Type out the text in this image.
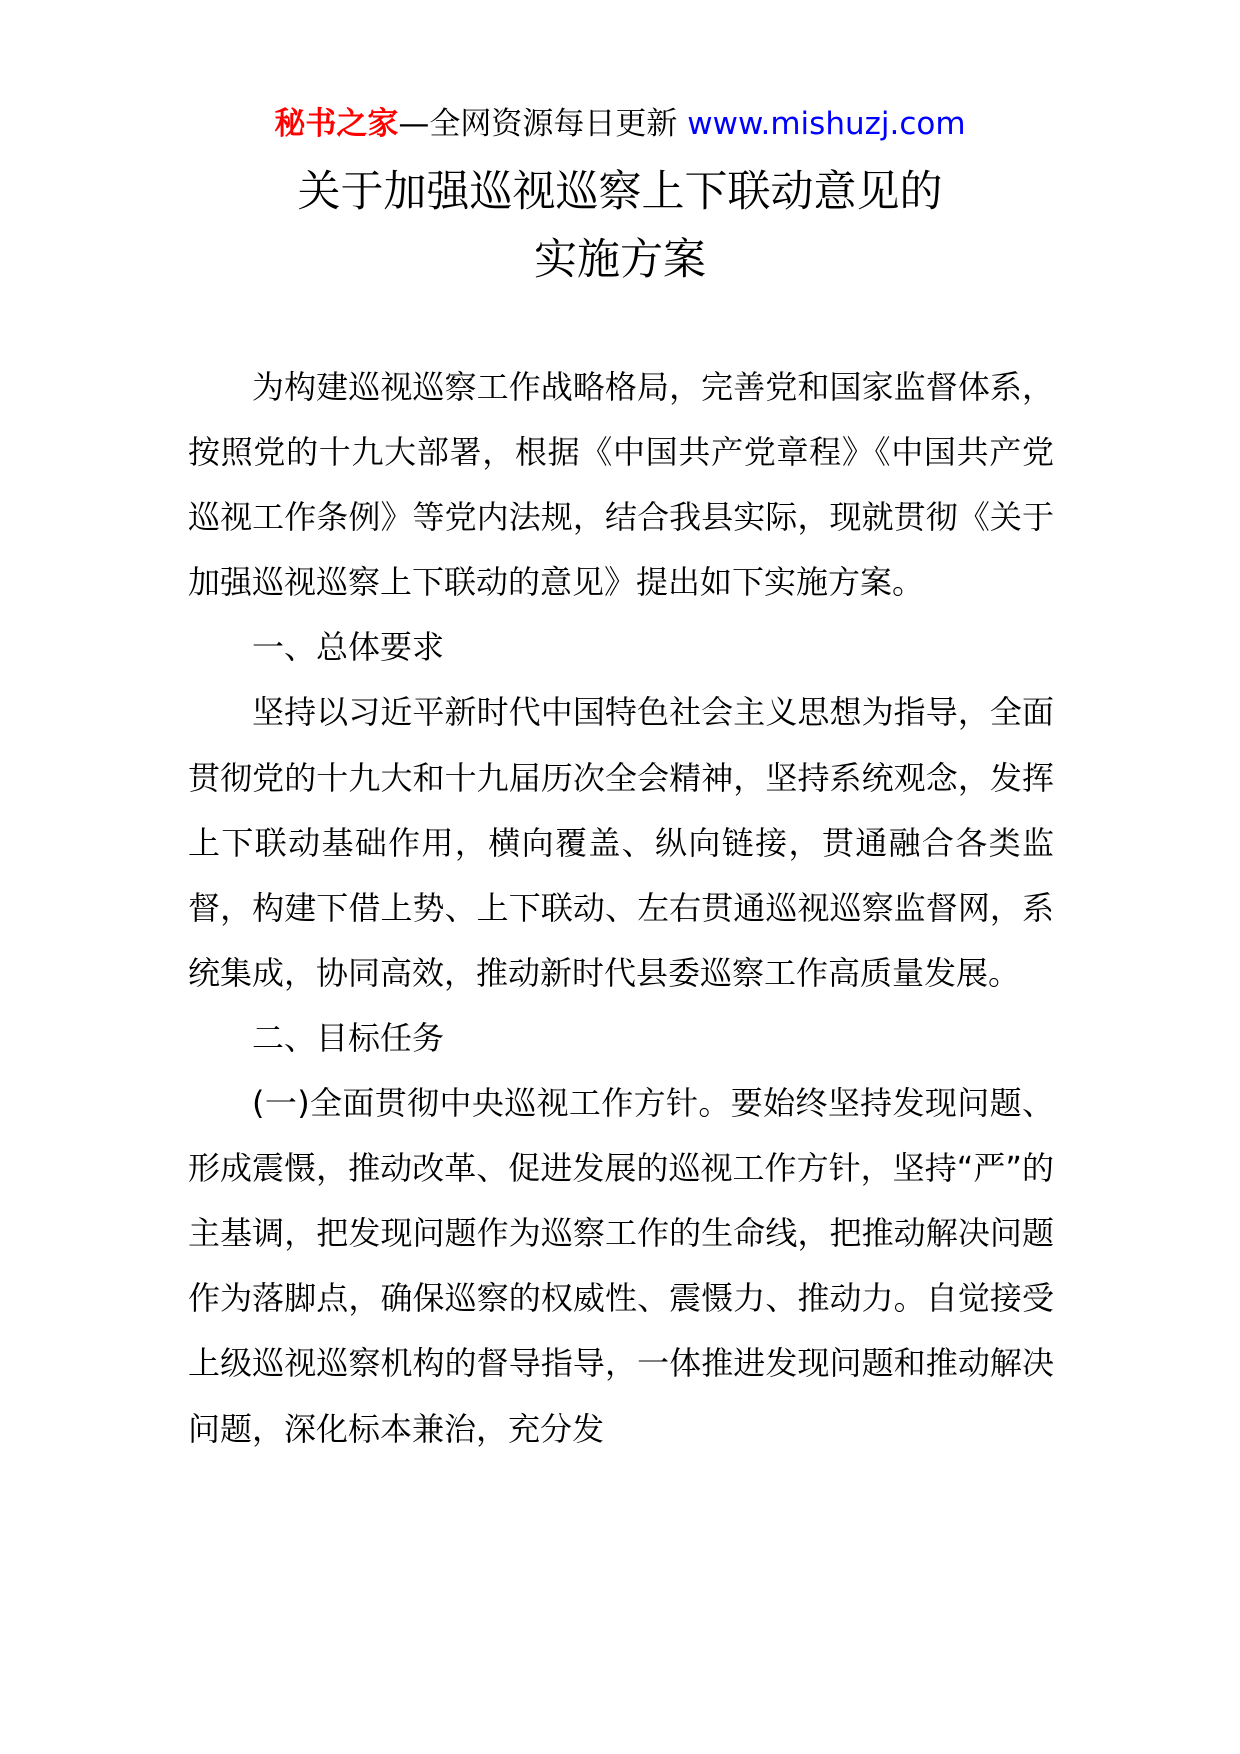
秘书之家—全网资源每日更新 www.mishuzj.com
关于加强巡视巡察上下联动意见的
实施方案

为构建巡视巡察工作战略格局，完善党和国家监督体系，按照党的十九大部署，根据《中国共产党章程》《中国共产党巡视工作条例》等党内法规，结合我县实际，现就贯彻《关于加强巡视巡察上下联动的意见》提出如下实施方案。

一、总体要求

坚持以习近平新时代中国特色社会主义思想为指导，全面贯彻党的十九大和十九届历次全会精神，坚持系统观念，发挥上下联动基础作用，横向覆盖、纵向链接，贯通融合各类监督，构建下借上势、上下联动、左右贯通巡视巡察监督网，系统集成，协同高效，推动新时代县委巡察工作高质量发展。

二、目标任务

(一)全面贯彻中央巡视工作方针。要始终坚持发现问题、形成震慑，推动改革、促进发展的巡视工作方针，坚持“严”的主基调，把发现问题作为巡察工作的生命线，把推动解决问题作为落脚点，确保巡察的权威性、震慑力、推动力。自觉接受上级巡视巡察机构的督导指导，一体推进发现问题和推动解决问题，深化标本兼治，充分发
